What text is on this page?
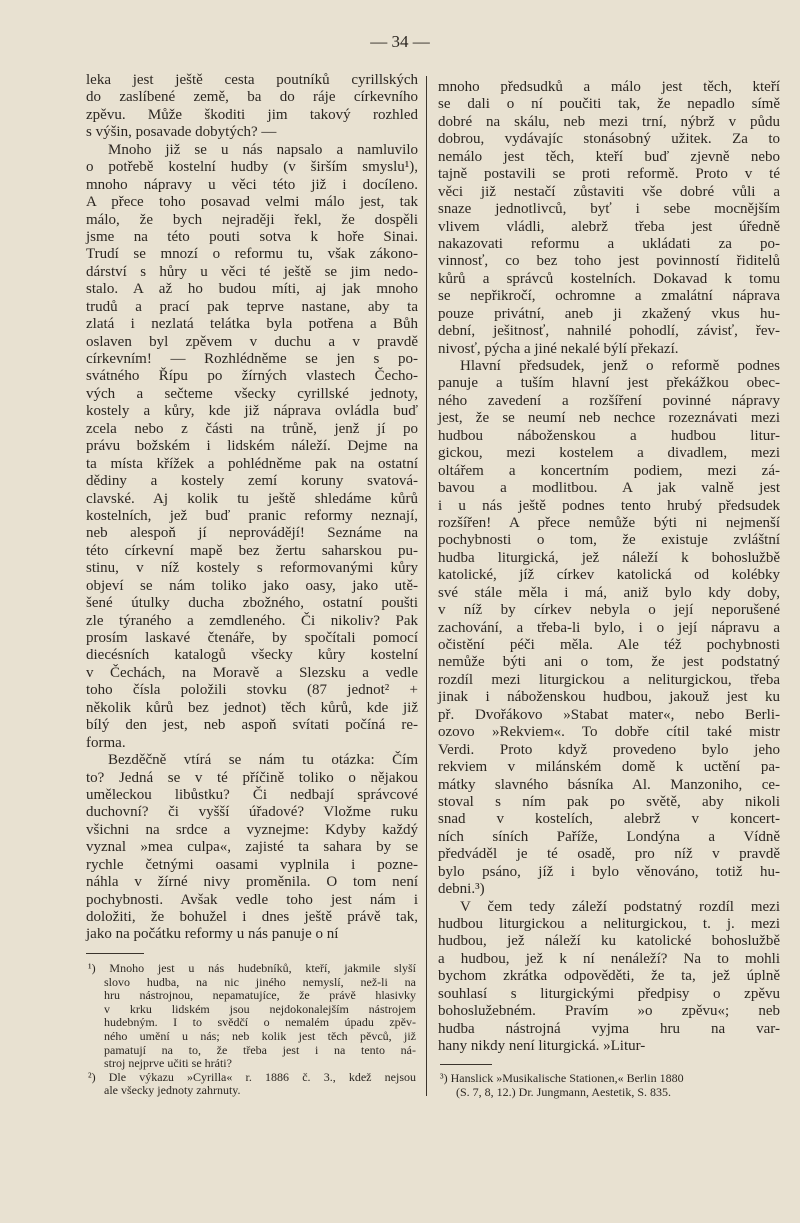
— 34 —
leka jest ještě cesta poutníků cyrillských
do zaslíbené země, ba do ráje církevního
zpěvu. Může škoditi jim takový rozhled
s výšin, posavade dobytých? —
Mnoho již se u nás napsalo a namluvilo
o potřebě kostelní hudby (v širším smyslu¹),
mnoho nápravy u věci této již i docíleno.
A přece toho posavad velmi málo jest, tak
málo, že bych nejraději řekl, že dospěli
jsme na této pouti sotva k hoře Sinai.
Trudí se mnozí o reformu tu, však zákono-
dárství s hůry u věci té ještě se jim nedo-
stalo. A až ho budou míti, aj jak mnoho
trudů a prací pak teprve nastane, aby ta
zlatá i nezlatá telátka byla potřena a Bůh
oslaven byl zpěvem v duchu a v pravdě
církevním! — Rozhlédněme se jen s po-
svátného Řípu po žírných vlastech Čecho-
vých a sečteme všecky cyrillské jednoty,
kostely a kůry, kde již náprava ovládla buď
zcela nebo z části na trůně, jenž jí po
právu božském i lidském náleží. Dejme na
ta místa křížek a pohlédněme pak na ostatní
dědiny a kostely zemí koruny svatová-
clavské. Aj kolik tu ještě shledáme kůrů
kostelních, jež buď pranic reformy neznají,
neb alespoň jí neprovádějí! Seznáme na
této církevní mapě bez žertu saharskou pu-
stinu, v níž kostely s reformovanými kůry
objeví se nám toliko jako oasy, jako utě-
šené útulky ducha zbožného, ostatní poušti
zle týraného a zemdleného. Či nikoliv? Pak
prosím laskavé čtenáře, by spočítali pomocí
diecésních katalogů všecky kůry kostelní
v Čechách, na Moravě a Slezsku a vedle
toho čísla položili stovku (87 jednot² +
několik kůrů bez jednot) těch kůrů, kde již
bílý den jest, neb aspoň svítati počíná re-
forma.
Bezděčně vtírá se nám tu otázka: Čím
to? Jedná se v té příčině toliko o nějakou
uměleckou libůstku? Či nedbají správcové
duchovní? či vyšší úřadové? Vložme ruku
všichni na srdce a vyznejme: Kdyby každý
vyznal »mea culpa«, zajisté ta sahara by se
rychle četnými oasami vyplnila i pozne-
náhla v žírné nivy proměnila. O tom není
pochybnosti. Avšak vedle toho jest nám i
doložiti, že bohužel i dnes ještě právě tak,
jako na počátku reformy u nás panuje o ní
mnoho předsudků a málo jest těch, kteří
se dali o ní poučiti tak, že nepadlo símě
dobré na skálu, neb mezi trní, nýbrž v půdu
dobrou, vydávajíc stonásobný užitek. Za to
nemálo jest těch, kteří buď zjevně nebo
tajně postavili se proti reformě. Proto v té
věci již nestačí zůstaviti vše dobré vůli a
snaze jednotlivců, byť i sebe mocnějším
vlivem vládli, alebrž třeba jest úředně
nakazovati reformu a ukládati za po-
vinnosť, co bez toho jest povinností řiditelů
kůrů a správců kostelních. Dokavad k tomu
se nepřikročí, ochromne a zmalátní náprava
pouze privátní, aneb ji zkažený vkus hu-
dební, ješitnosť, nahnilé pohodlí, závisť, řev-
nivosť, pýcha a jiné nekalé býlí překazí.
Hlavní předsudek, jenž o reformě podnes
panuje a tuším hlavní jest překážkou obec-
ného zavedení a rozšíření povinné nápravy
jest, že se neumí neb nechce rozeznávati mezi
hudbou náboženskou a hudbou litur-
gickou, mezi kostelem a divadlem, mezi
oltářem a koncertním podiem, mezi zá-
bavou a modlitbou. A jak valně jest
i u nás ještě podnes tento hrubý předsudek
rozšířen! A přece nemůže býti ni nejmenší
pochybnosti o tom, že existuje zvláštní
hudba liturgická, jež náleží k bohoslužbě
katolické, jíž církev katolická od kolébky
své stále měla i má, aniž bylo kdy doby,
v níž by církev nebyla o její neporušené
zachování, a třeba-li bylo, i o její nápravu a
očistění péči měla. Ale též pochybnosti
nemůže býti ani o tom, že jest podstatný
rozdíl mezi liturgickou a neliturgickou, třeba
jinak i náboženskou hudbou, jakouž jest ku
př. Dvořákovo »Stabat mater«, nebo Berli-
ozovo »Rekviem«. To dobře cítil také mistr
Verdi. Proto když provedeno bylo jeho
rekviem v milánském domě k uctění pa-
mátky slavného básníka Al. Manzoniho, ce-
stoval s ním pak po světě, aby nikoli
snad v kostelích, alebrž v koncert-
ních síních Paříže, Londýna a Vídně
předváděl je té osadě, pro níž v pravdě
bylo psáno, jíž i bylo věnováno, totiž hu-
debni.³)
V čem tedy záleží podstatný rozdíl mezi
hudbou liturgickou a neliturgickou, t. j. mezi
hudbou, jež náleží ku katolické bohoslužbě
a hudbou, jež k ní nenáleží? Na to mohli
bychom zkrátka odpověděti, že ta, jež úplně
souhlasí s liturgickými předpisy o zpěvu
bohoslužebném. Pravím »o zpěvu«; neb
hudba nástrojná vyjma hru na var-
hany nikdy není liturgická. »Litur-
¹) Mnoho jest u nás hudebníků, kteří, jakmile slyší
slovo hudba, na nic jiného nemyslí, než-li na
hru nástrojnou, nepamatujíce, že právě hlasivky
v krku lidském jsou nejdokonalejším nástrojem
hudebným. I to svědčí o nemalém úpadu zpěv-
ného umění u nás; neb kolik jest těch pěvců, již
pamatují na to, že třeba jest i na tento ná-
stroj nejprve učiti se hráti?
²) Dle výkazu »Cyrilla« r. 1886 č. 3., kdež nejsou
ale všecky jednoty zahrnuty.
³) Hanslick »Musikalische Stationen,« Berlin 1880
(S. 7, 8, 12.) Dr. Jungmann, Aestetik, S. 835.
